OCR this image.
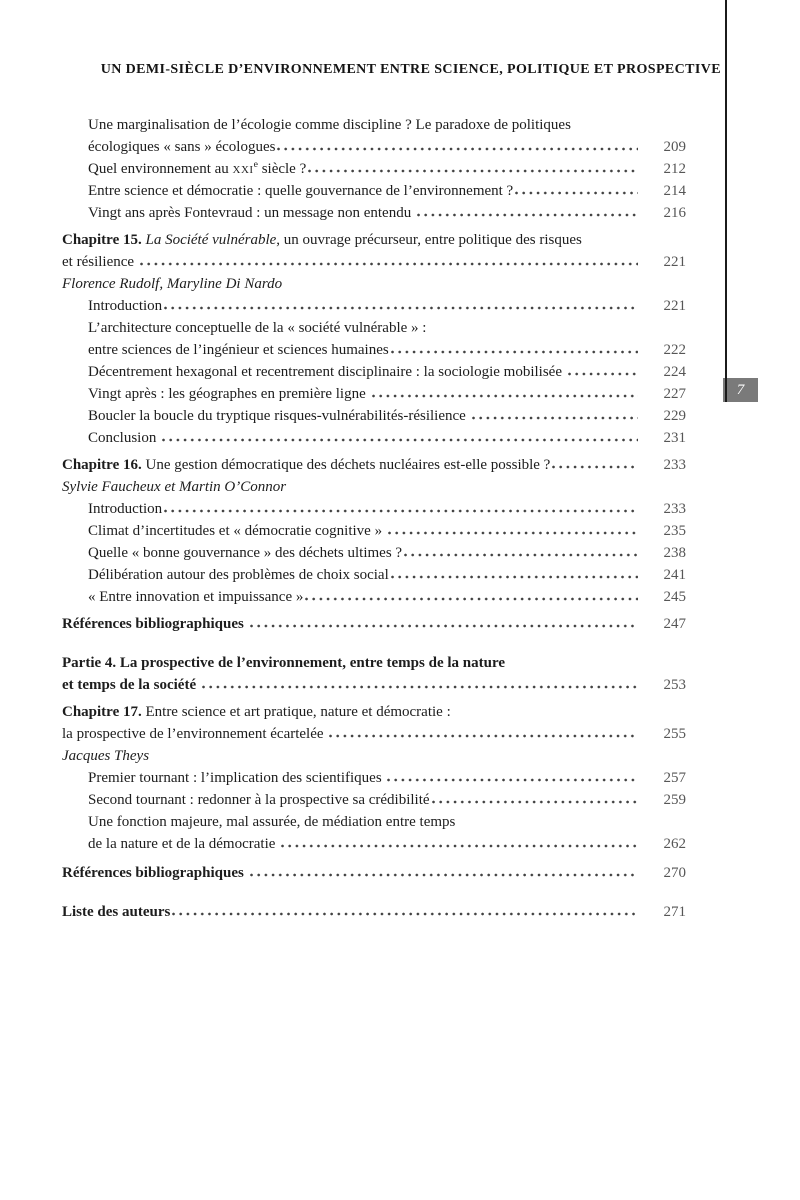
UN DEMI-SIÈCLE D’ENVIRONNEMENT ENTRE SCIENCE, POLITIQUE ET PROSPECTIVE
7
Une marginalisation de l’écologie comme discipline ? Le paradoxe de politiques
écologiques « sans » écologues	209
Quel environnement au xxi$^e$ siècle ?	212
Entre science et démocratie : quelle gouvernance de l’environnement ?	214
Vingt ans après Fontevraud : un message non entendu	216
Chapitre 15. La Société vulnérable, un ouvrage précurseur, entre politique des risques
et résilience	221
Florence Rudolf, Maryline Di Nardo
Introduction	221
L’architecture conceptuelle de la « société vulnérable » :
entre sciences de l’ingénieur et sciences humaines	222
Décentrement hexagonal et recentrement disciplinaire : la sociologie mobilisée	224
Vingt après : les géographes en première ligne	227
Boucler la boucle du tryptique risques-vulnérabilités-résilience	229
Conclusion	231
Chapitre 16. Une gestion démocratique des déchets nucléaires est-elle possible ?	233
Sylvie Faucheux et Martin O’Connor
Introduction	233
Climat d’incertitudes et « démocratie cognitive »	235
Quelle « bonne gouvernance » des déchets ultimes ?	238
Délibération autour des problèmes de choix social	241
« Entre innovation et impuissance »	245
Références bibliographiques	247
Partie 4. La prospective de l’environnement, entre temps de la nature
et temps de la société	253
Chapitre 17. Entre science et art pratique, nature et démocratie :
la prospective de l’environnement écartelée	255
Jacques Theys
Premier tournant : l’implication des scientifiques	257
Second tournant : redonner à la prospective sa crédibilité	259
Une fonction majeure, mal assurée, de médiation entre temps
de la nature et de la démocratie	262
Références bibliographiques	270
Liste des auteurs	271
